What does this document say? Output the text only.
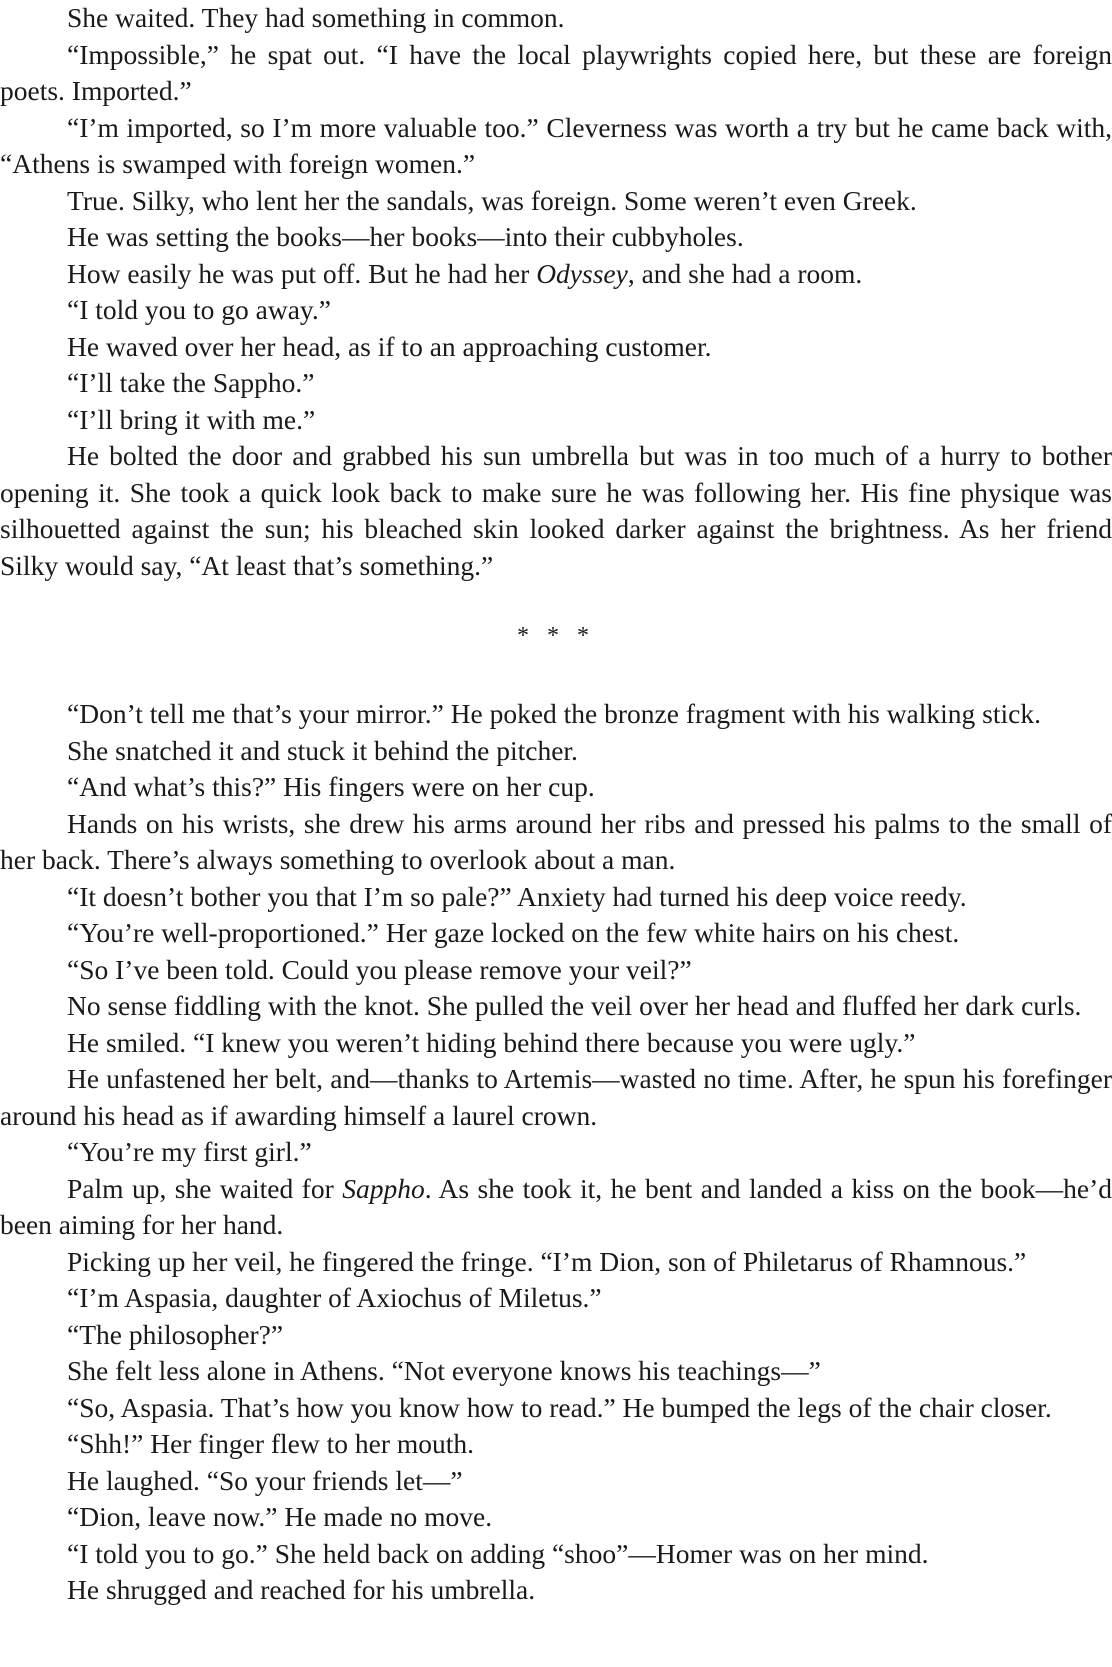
She waited. They had something in common.

“Impossible,” he spat out. “I have the local playwrights copied here, but these are foreign poets. Imported.”

“I’m imported, so I’m more valuable too.” Cleverness was worth a try but he came back with, “Athens is swamped with foreign women.”

True. Silky, who lent her the sandals, was foreign. Some weren’t even Greek.

He was setting the books—her books—into their cubbyholes.

How easily he was put off. But he had her Odyssey, and she had a room.

“I told you to go away.”

He waved over her head, as if to an approaching customer.

“I’ll take the Sappho.”

“I’ll bring it with me.”

He bolted the door and grabbed his sun umbrella but was in too much of a hurry to bother opening it. She took a quick look back to make sure he was following her. His fine physique was silhouetted against the sun; his bleached skin looked darker against the brightness. As her friend Silky would say, “At least that’s something.”

* * *

“Don’t tell me that’s your mirror.” He poked the bronze fragment with his walking stick.

She snatched it and stuck it behind the pitcher.

“And what’s this?” His fingers were on her cup.

Hands on his wrists, she drew his arms around her ribs and pressed his palms to the small of her back. There’s always something to overlook about a man.

“It doesn’t bother you that I’m so pale?” Anxiety had turned his deep voice reedy.

“You’re well-proportioned.” Her gaze locked on the few white hairs on his chest.

“So I’ve been told. Could you please remove your veil?”

No sense fiddling with the knot. She pulled the veil over her head and fluffed her dark curls.

He smiled. “I knew you weren’t hiding behind there because you were ugly.”

He unfastened her belt, and—thanks to Artemis—wasted no time. After, he spun his forefinger around his head as if awarding himself a laurel crown.

“You’re my first girl.”

Palm up, she waited for Sappho. As she took it, he bent and landed a kiss on the book—he’d been aiming for her hand.

Picking up her veil, he fingered the fringe. “I’m Dion, son of Philetarus of Rhamnous.”

“I’m Aspasia, daughter of Axiochus of Miletus.”

“The philosopher?”

She felt less alone in Athens. “Not everyone knows his teachings—”

“So, Aspasia. That’s how you know how to read.” He bumped the legs of the chair closer.

“Shh!” Her finger flew to her mouth.

He laughed. “So your friends let—”

“Dion, leave now.” He made no move.

“I told you to go.” She held back on adding “shoo”—Homer was on her mind.

He shrugged and reached for his umbrella.
